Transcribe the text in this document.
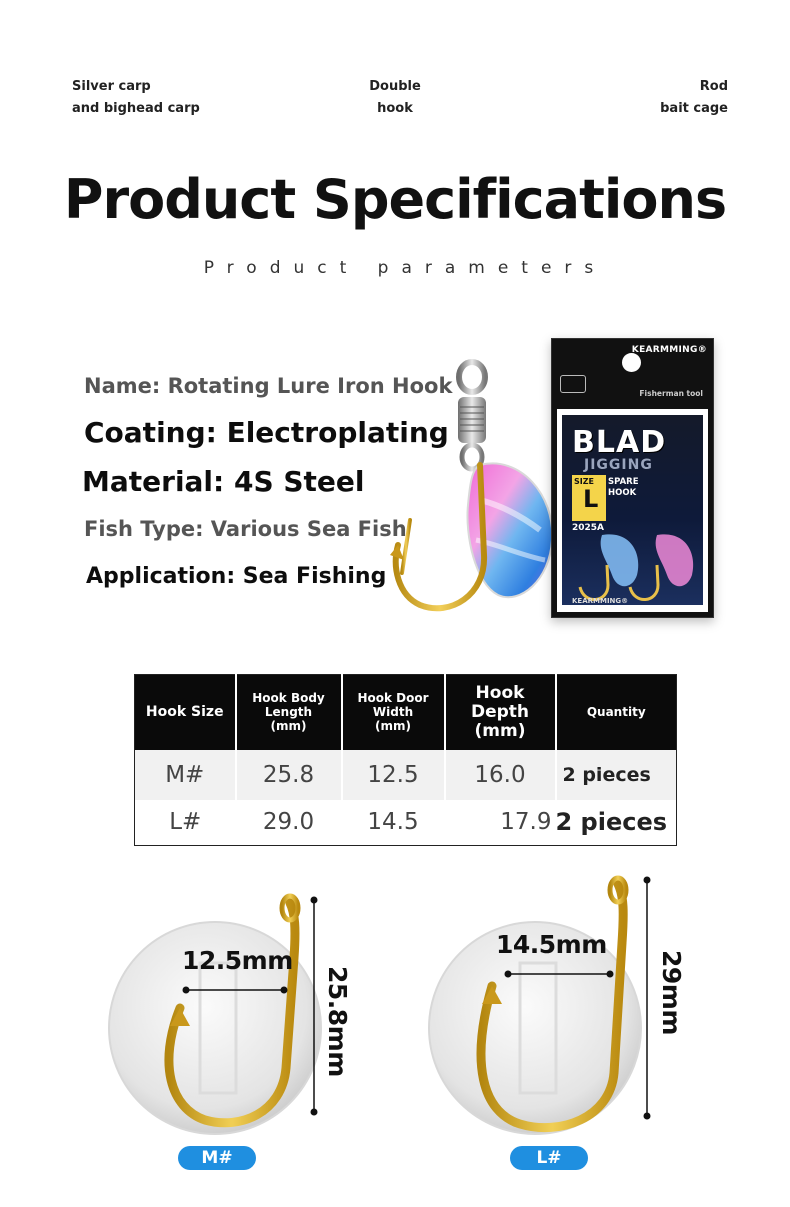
Silver carp
and bighead carp
Double
hook
Rod
bait cage
Product Specifications
Product parameters
Name: Rotating Lure Iron Hook
Coating: Electroplating
Material: 4S Steel
Fish Type: Various Sea Fish
Application: Sea Fishing
KEARMMING®
Fisherman tool
BLAD
JIGGING
SIZE
L
SPARE HOOK
2025A
KEARMMING®
Hook Size	Hook Body
Length
(mm)	Hook Door
Width
(mm)	Hook Depth
(mm)	Quantity
M#	25.8	12.5	16.0	2 pieces
L#	29.0	14.5	17.9	2 pieces
12.5mm
25.8mm
M#
14.5mm
29mm
L#
